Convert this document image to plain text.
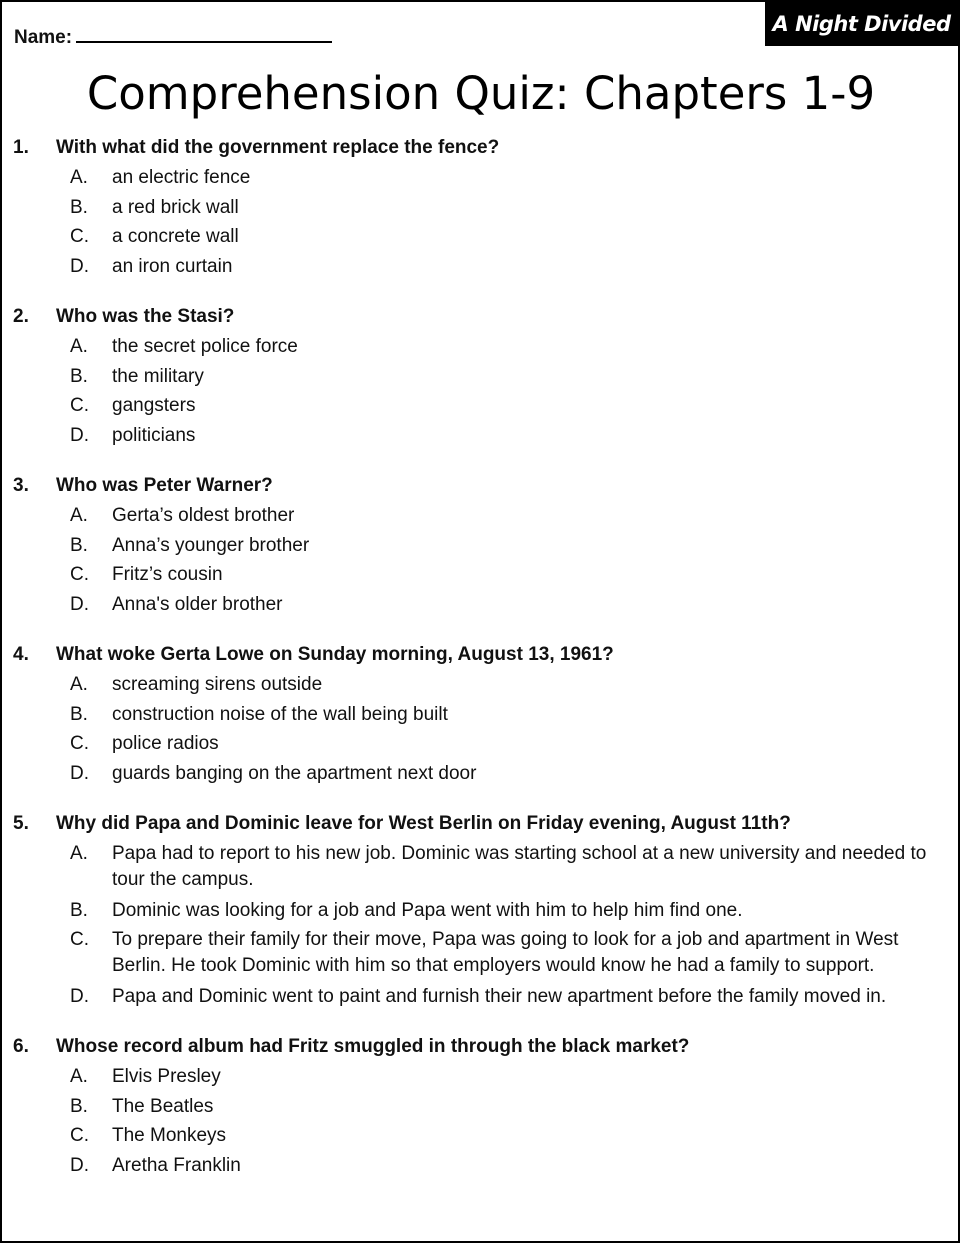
Name:
A Night Divided
Comprehension Quiz: Chapters 1-9
1.	With what did the government replace the fence?
A.	an electric fence
B.	a red brick wall
C.	a concrete wall
D.	an iron curtain
2.	Who was the Stasi?
A.	the secret police force
B.	the military
C.	gangsters
D.	politicians
3.	Who was Peter Warner?
A.	Gerta’s oldest brother
B.	Anna’s younger brother
C.	Fritz’s cousin
D.	Anna's older brother
4.	What woke Gerta Lowe on Sunday morning, August 13, 1961?
A.	screaming sirens outside
B.	construction noise of the wall being built
C.	police radios
D.	guards banging on the apartment next door
5.	Why did Papa and Dominic leave for West Berlin on Friday evening, August 11th?
A.	Papa had to report to his new job. Dominic was starting school at a new university and needed to tour the campus.
B.	Dominic was looking for a job and Papa went with him to help him find one.
C.	To prepare their family for their move, Papa was going to look for a job and apartment in West Berlin. He took Dominic with him so that employers would know he had a family to support.
D.	Papa and Dominic went to paint and furnish their new apartment before the family moved in.
6.	Whose record album had Fritz smuggled in through the black market?
A.	Elvis Presley
B.	The Beatles
C.	The Monkeys
D.	Aretha Franklin
